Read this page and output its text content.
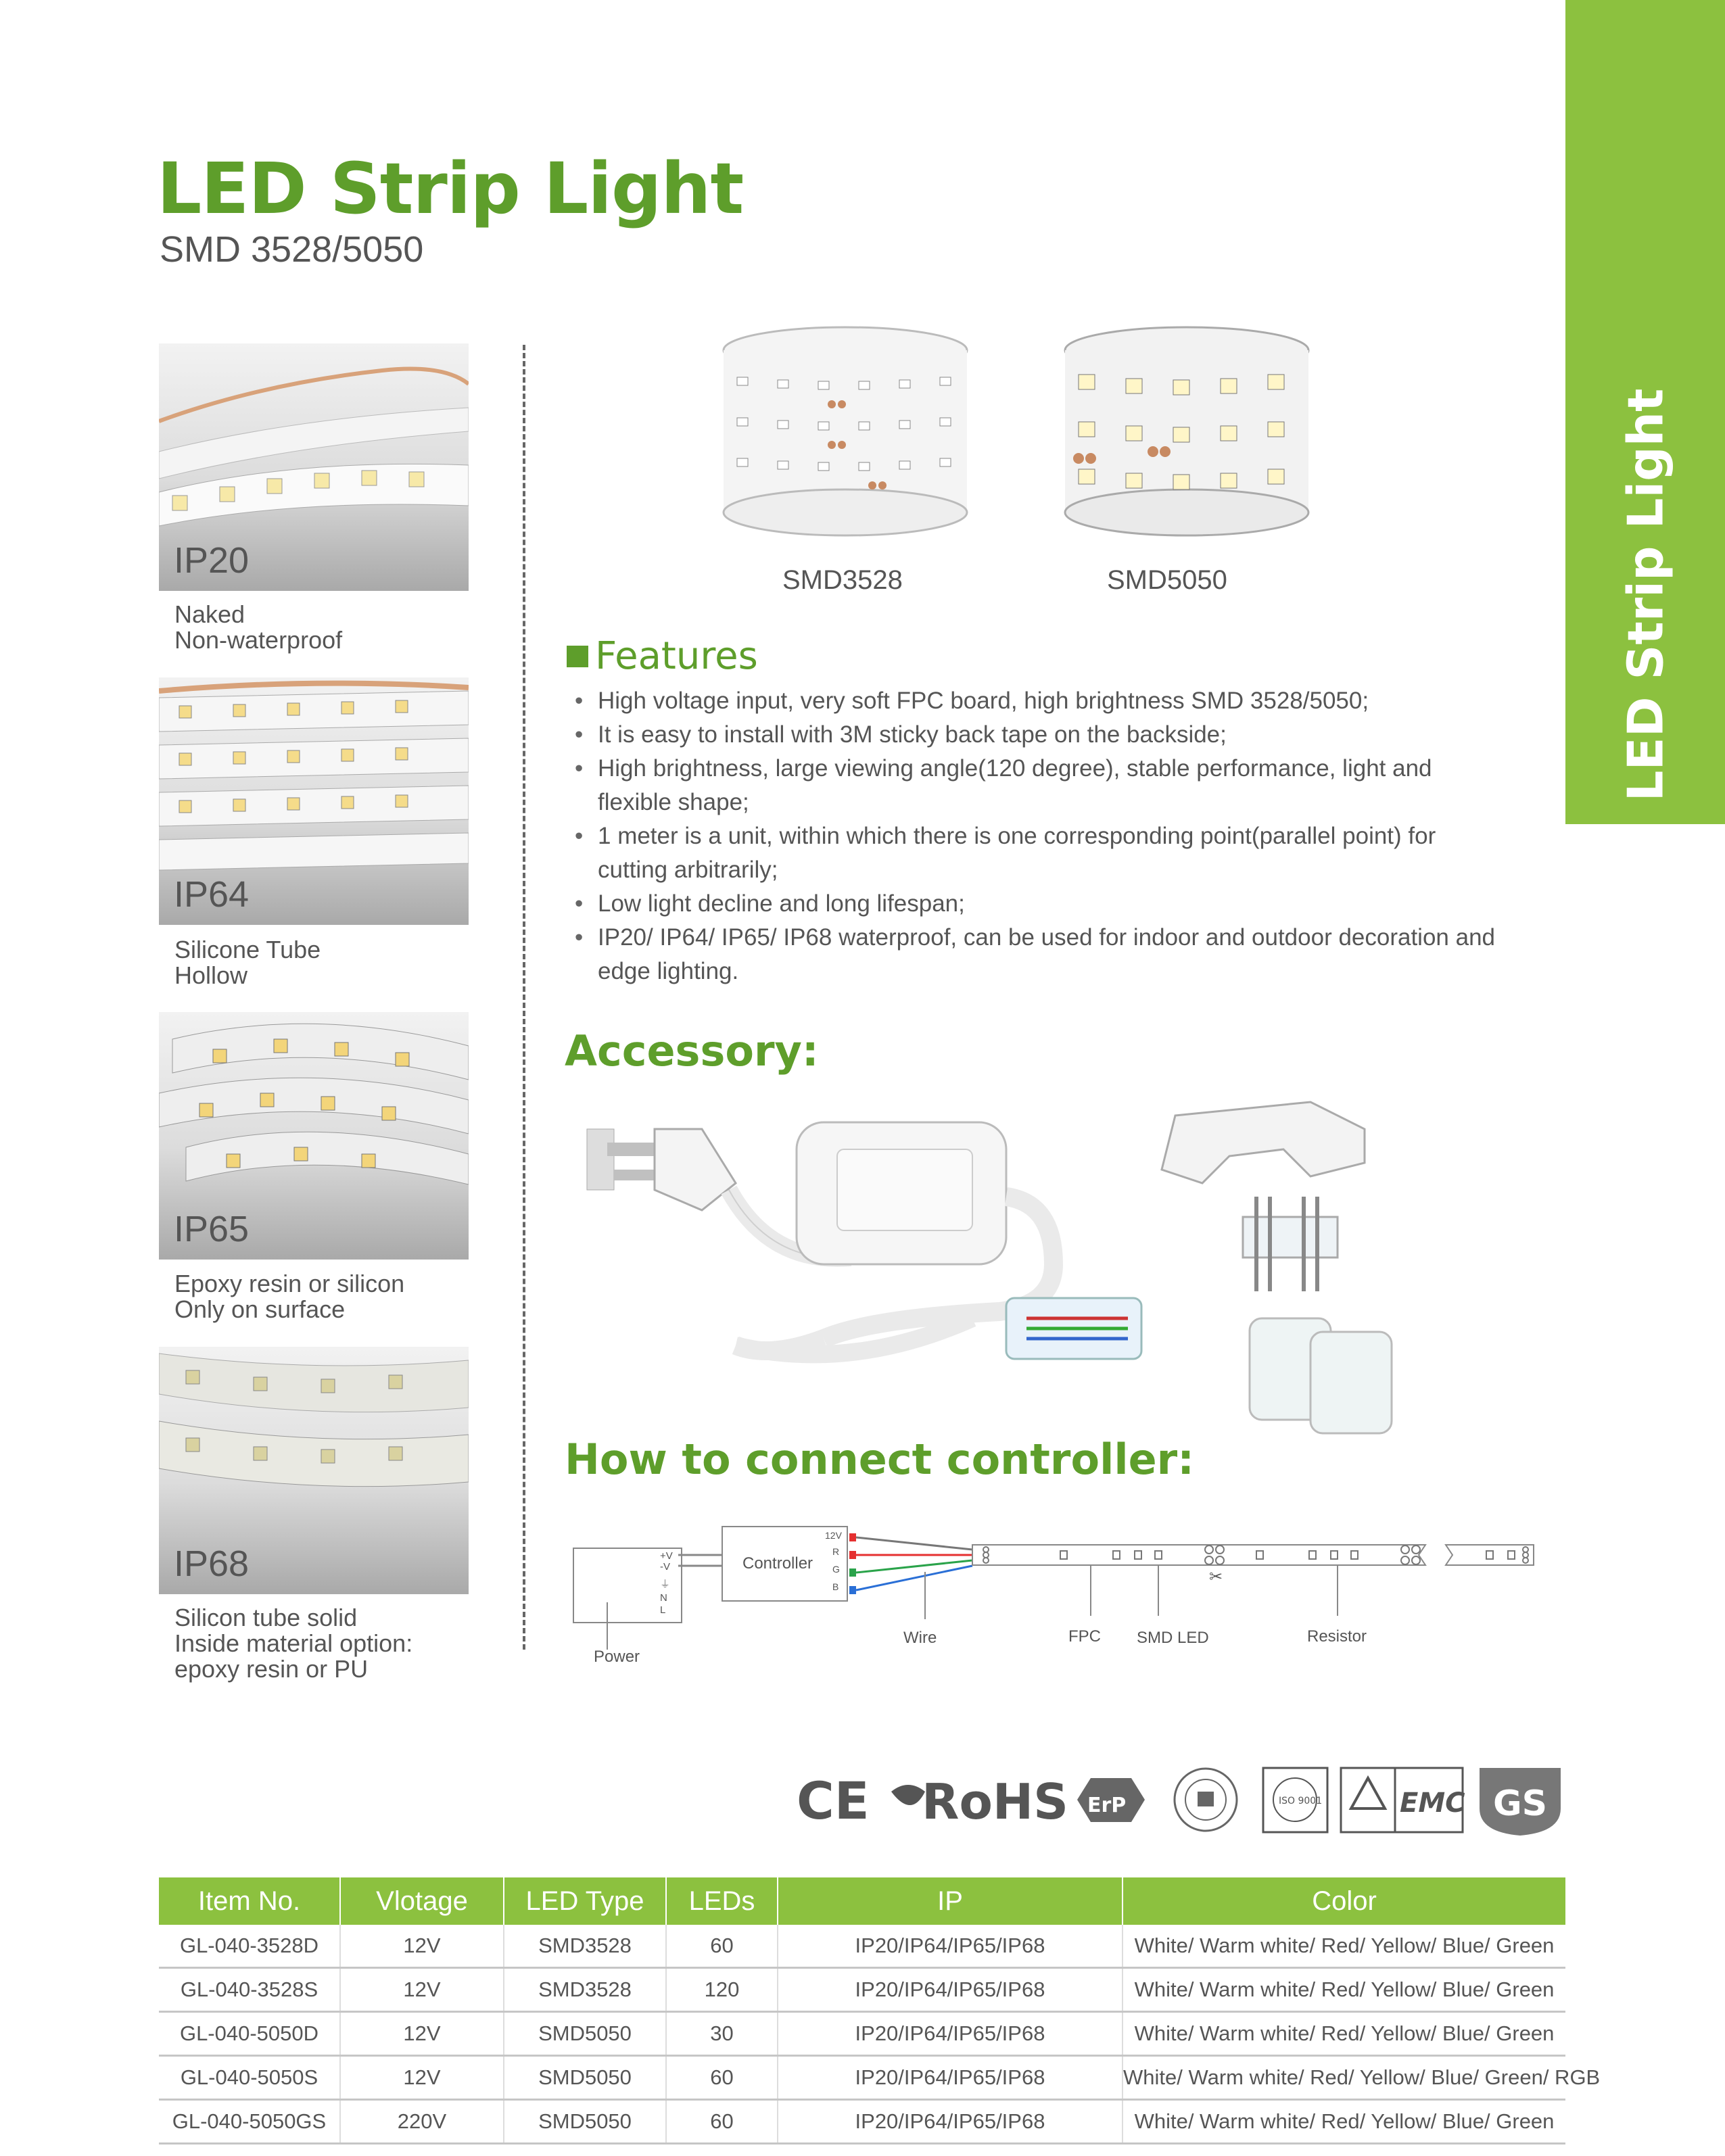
LED Strip Light
LED Strip Light
SMD 3528/5050
IP20
Naked
Non-waterproof
IP64
Silicone Tube
Hollow
IP65
Epoxy resin or silicon
Only on surface
IP68
Silicon tube solid
Inside material option:
epoxy resin or PU
SMD3528	SMD5050
Features
• High voltage input, very soft FPC board, high brightness SMD 3528/5050;
• It is easy to install with 3M sticky back tape on the backside;
• High brightness, large viewing angle(120 degree), stable performance, light and flexible shape;
• 1 meter is a unit, within which there is one corresponding point(parallel point) for cutting arbitrarily;
• Low light decline and long lifespan;
• IP20/ IP64/ IP65/ IP68 waterproof, can be used for indoor and outdoor decoration and edge lighting.
Accessory:
How to connect controller:
+V
-V
⏚
N
L
Power
Controller
12V
R
G
B
Wire
✂
FPC SMD LED	Resistor
CE RoHS ErP	ISO 9001	EMC GS
Item No.	Vlotage	LED Type	LEDs	IP	Color
GL-040-3528D	12V	SMD3528	60	IP20/IP64/IP65/IP68	White/ Warm white/ Red/ Yellow/ Blue/ Green
GL-040-3528S	12V	SMD3528	120	IP20/IP64/IP65/IP68	White/ Warm white/ Red/ Yellow/ Blue/ Green
GL-040-5050D	12V	SMD5050	30	IP20/IP64/IP65/IP68	White/ Warm white/ Red/ Yellow/ Blue/ Green
GL-040-5050S	12V	SMD5050	60	IP20/IP64/IP65/IP68	White/ Warm white/ Red/ Yellow/ Blue/ Green/ RGB
GL-040-5050GS	220V	SMD5050	60	IP20/IP64/IP65/IP68	White/ Warm white/ Red/ Yellow/ Blue/ Green
